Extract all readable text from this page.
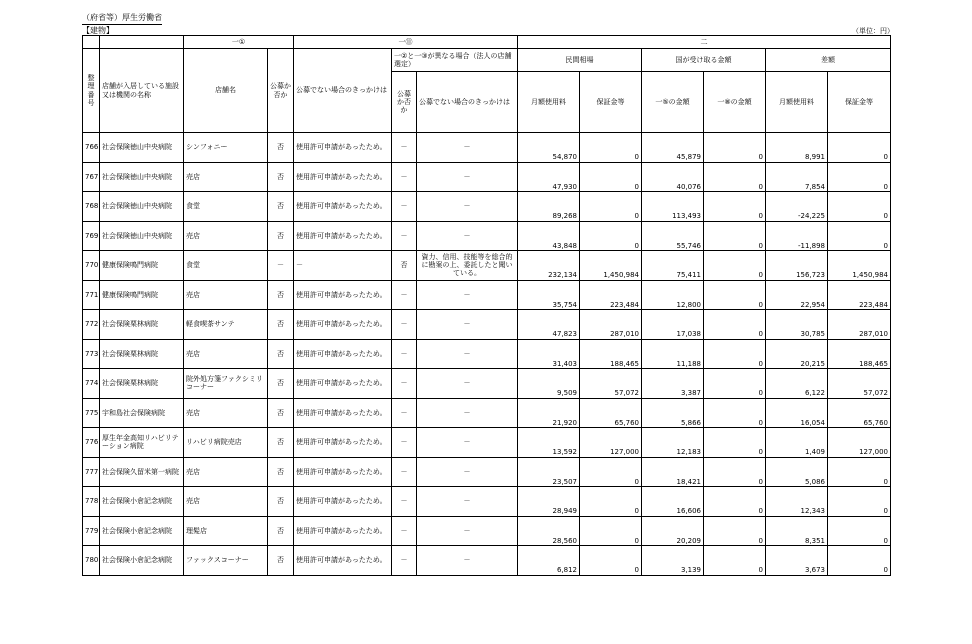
（府省等）厚生労働省
【建物】	（単位：円）
		一①		一⑪			二					
整理番号	店舗が入居している施設又は機関の名称	店舗名	公募か否か	公募でない場合のきっかけは	一②と一③が異なる場合（法人の店舗選定）		民間相場		国が受け取る金額		差額	
					公募か否か	公募でない場合のきっかけは	月額使用料	保証金等	一⑤の金額	一⑧の金額	月額使用料	保証金等
766	社会保険徳山中央病院	シンフォニー	否	使用許可申請があったため。	－	－	54,870	0	45,879	0	8,991	0
767	社会保険徳山中央病院	売店	否	使用許可申請があったため。	－	－	47,930	0	40,076	0	7,854	0
768	社会保険徳山中央病院	食堂	否	使用許可申請があったため。	－	－	89,268	0	113,493	0	-24,225	0
769	社会保険徳山中央病院	売店	否	使用許可申請があったため。	－	－	43,848	0	55,746	0	-11,898	0
770	健康保険鳴門病院	食堂	－	－	否	資力、信用、技能等を総合的に勘案の上、委託したと聞いている。	232,134	1,450,984	75,411	0	156,723	1,450,984
771	健康保険鳴門病院	売店	否	使用許可申請があったため。	－	－	35,754	223,484	12,800	0	22,954	223,484
772	社会保険栗林病院	軽食喫茶サンテ	否	使用許可申請があったため。	－	－	47,823	287,010	17,038	0	30,785	287,010
773	社会保険栗林病院	売店	否	使用許可申請があったため。	－	－	31,403	188,465	11,188	0	20,215	188,465
774	社会保険栗林病院	院外処方箋ファクシミリコーナー	否	使用許可申請があったため。	－	－	9,509	57,072	3,387	0	6,122	57,072
775	宇和島社会保険病院	売店	否	使用許可申請があったため。	－	－	21,920	65,760	5,866	0	16,054	65,760
776	厚生年金高知リハビリテーション病院	リハビリ病院売店	否	使用許可申請があったため。	－	－	13,592	127,000	12,183	0	1,409	127,000
777	社会保険久留米第一病院	売店	否	使用許可申請があったため。	－	－	23,507	0	18,421	0	5,086	0
778	社会保険小倉記念病院	売店	否	使用許可申請があったため。	－	－	28,949	0	16,606	0	12,343	0
779	社会保険小倉記念病院	理髪店	否	使用許可申請があったため。	－	－	28,560	0	20,209	0	8,351	0
780	社会保険小倉記念病院	ファックスコーナー	否	使用許可申請があったため。	－	－	6,812	0	3,139	0	3,673	0
